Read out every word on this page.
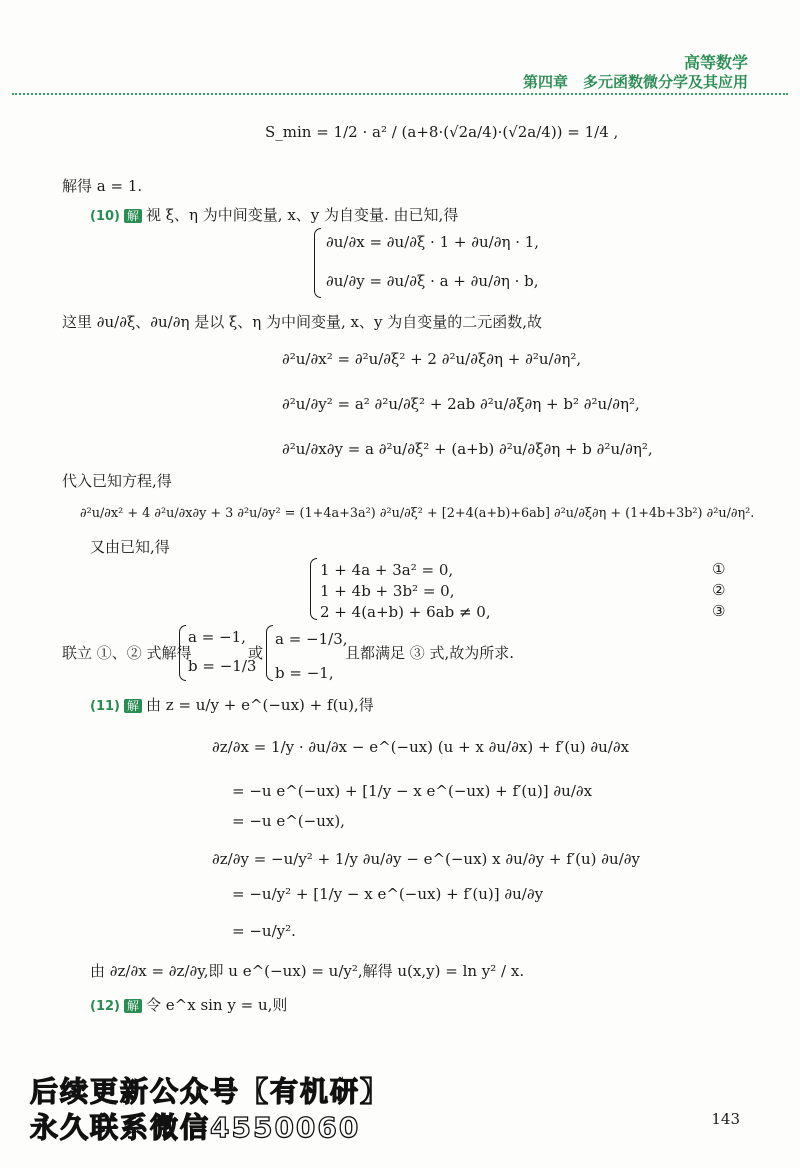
高等数学
第四章　多元函数微分学及其应用
S_min = 1/2 · a² / (a+8·(√2a/4)·(√2a/4)) = 1/4 ,
解得 a = 1.
(10) 解 视 ξ、η 为中间变量, x、y 为自变量. 由已知,得
∂u/∂x = ∂u/∂ξ · 1 + ∂u/∂η · 1,
∂u/∂y = ∂u/∂ξ · a + ∂u/∂η · b,
这里 ∂u/∂ξ、∂u/∂η 是以 ξ、η 为中间变量, x、y 为自变量的二元函数,故
∂²u/∂x² = ∂²u/∂ξ² + 2 ∂²u/∂ξ∂η + ∂²u/∂η²,
∂²u/∂y² = a² ∂²u/∂ξ² + 2ab ∂²u/∂ξ∂η + b² ∂²u/∂η²,
∂²u/∂x∂y = a ∂²u/∂ξ² + (a+b) ∂²u/∂ξ∂η + b ∂²u/∂η²,
代入已知方程,得
∂²u/∂x² + 4 ∂²u/∂x∂y + 3 ∂²u/∂y² = (1+4a+3a²) ∂²u/∂ξ² + [2+4(a+b)+6ab] ∂²u/∂ξ∂η + (1+4b+3b²) ∂²u/∂η².
又由已知,得
1 + 4a + 3a² = 0,
1 + 4b + 3b² = 0,
2 + 4(a+b) + 6ab ≠ 0,
①
②
③
联立 ①、② 式解得
a = −1,
b = −1/3
或
a = −1/3,
b = −1,
且都满足 ③ 式,故为所求.
(11) 解 由 z = u/y + e^(−ux) + f(u),得
∂z/∂x = 1/y · ∂u/∂x − e^(−ux) (u + x ∂u/∂x) + f′(u) ∂u/∂x
= −u e^(−ux) + [1/y − x e^(−ux) + f′(u)] ∂u/∂x
= −u e^(−ux),
∂z/∂y = −u/y² + 1/y ∂u/∂y − e^(−ux) x ∂u/∂y + f′(u) ∂u/∂y
= −u/y² + [1/y − x e^(−ux) + f′(u)] ∂u/∂y
= −u/y².
由 ∂z/∂x = ∂z/∂y,即 u e^(−ux) = u/y²,解得 u(x,y) = ln y² / x.
(12) 解 令 e^x sin y = u,则
后续更新公众号【有机研】
永久联系微信4550060	143
